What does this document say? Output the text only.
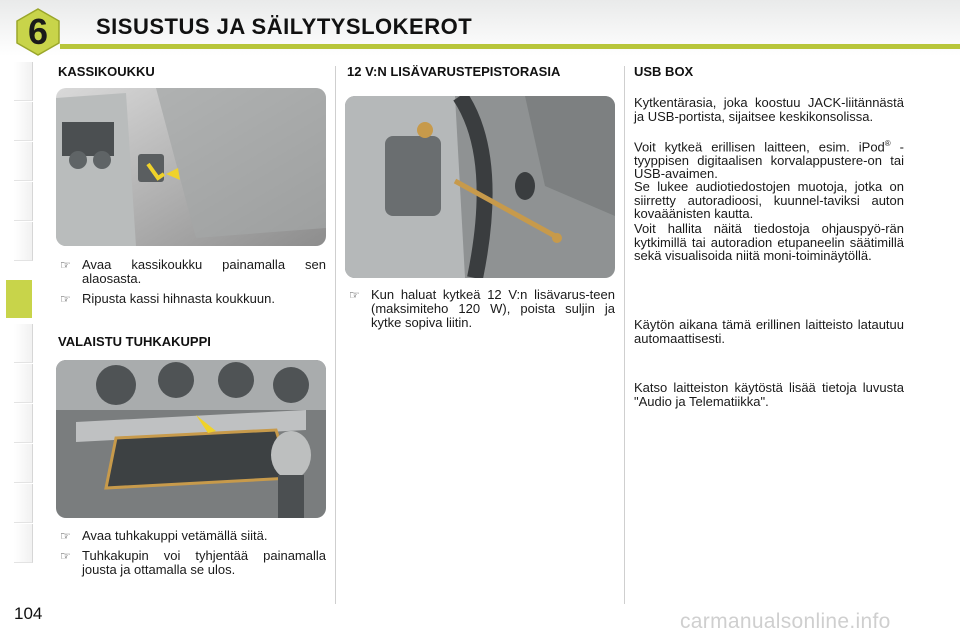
6	SISUSTUS JA SÄILYTYSLOKEROT
KASSIKOUKKU
☞ Avaa kassikoukku painamalla sen alaosasta.
☞ Ripusta kassi hihnasta koukkuun.
VALAISTU TUHKAKUPPI
☞ Avaa tuhkakuppi vetämällä siitä.
☞ Tuhkakupin voi tyhjentää painamalla jousta ja ottamalla se ulos.
12 V:N LISÄVARUSTEPISTORASIA
☞ Kun haluat kytkeä 12 V:n lisävarus-teen (maksimiteho 120 W), poista suljin ja kytke sopiva liitin.
USB BOX

Kytkentärasia, joka koostuu JACK-liitännästä ja USB-portista, sijaitsee keskikonsolissa.

Voit kytkeä erillisen laitteen, esim. iPod® -tyyppisen digitaalisen korvalappustere-on tai USB-avaimen.

Se lukee audiotiedostojen muotoja, jotka on siirretty autoradioosi, kuunnel-taviksi auton kovaäänisten kautta.

Voit hallita näitä tiedostoja ohjauspyö-rän kytkimillä tai autoradion etupaneelin säätimillä sekä visualisoida niitä moni-toiminäytöllä.

Käytön aikana tämä erillinen laitteisto latautuu automaattisesti.

Katso laitteiston käytöstä lisää tietoja luvusta "Audio ja Telematiikka".

104	carmanualsonline.info
